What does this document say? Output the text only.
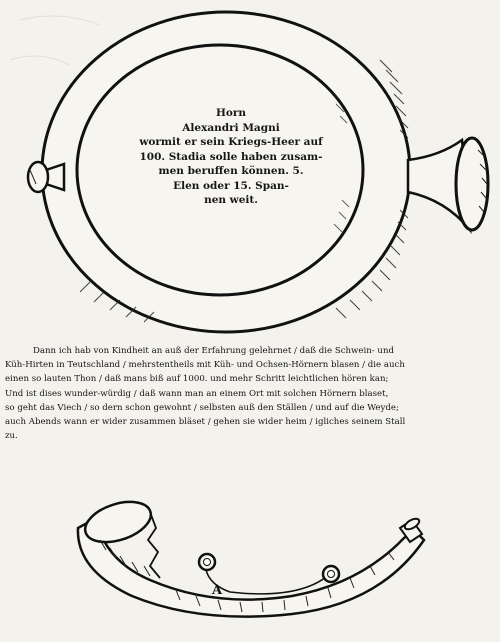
Horn
Alexandri Magni
wormit er sein Kriegs-Heer auf
100. Stadia solle haben zusam-
men beruffen können. 5.
Elen oder 15. Span-
nen weit.
Dann ich hab von Kindheit an auß der Erfahrung gelehrnet / daß die Schwein- und
Küh-Hirten in Teutschland / mehrstentheils mit Küh- und Ochsen-Hörnern blasen / die auch
einen so lauten Thon / daß mans biß auf 1000. und mehr Schritt leichtlichen hören kan;
Und ist dises wunder-würdig / daß wann man an einem Ort mit solchen Hörnern blaset,
so geht das Viech / so dern schon gewohnt / selbsten auß den Ställen / und auf die Weyde;
auch Abends wann er wider zusammen bläset / gehen sie wider heim / igliches seinem Stall
zu.
A
